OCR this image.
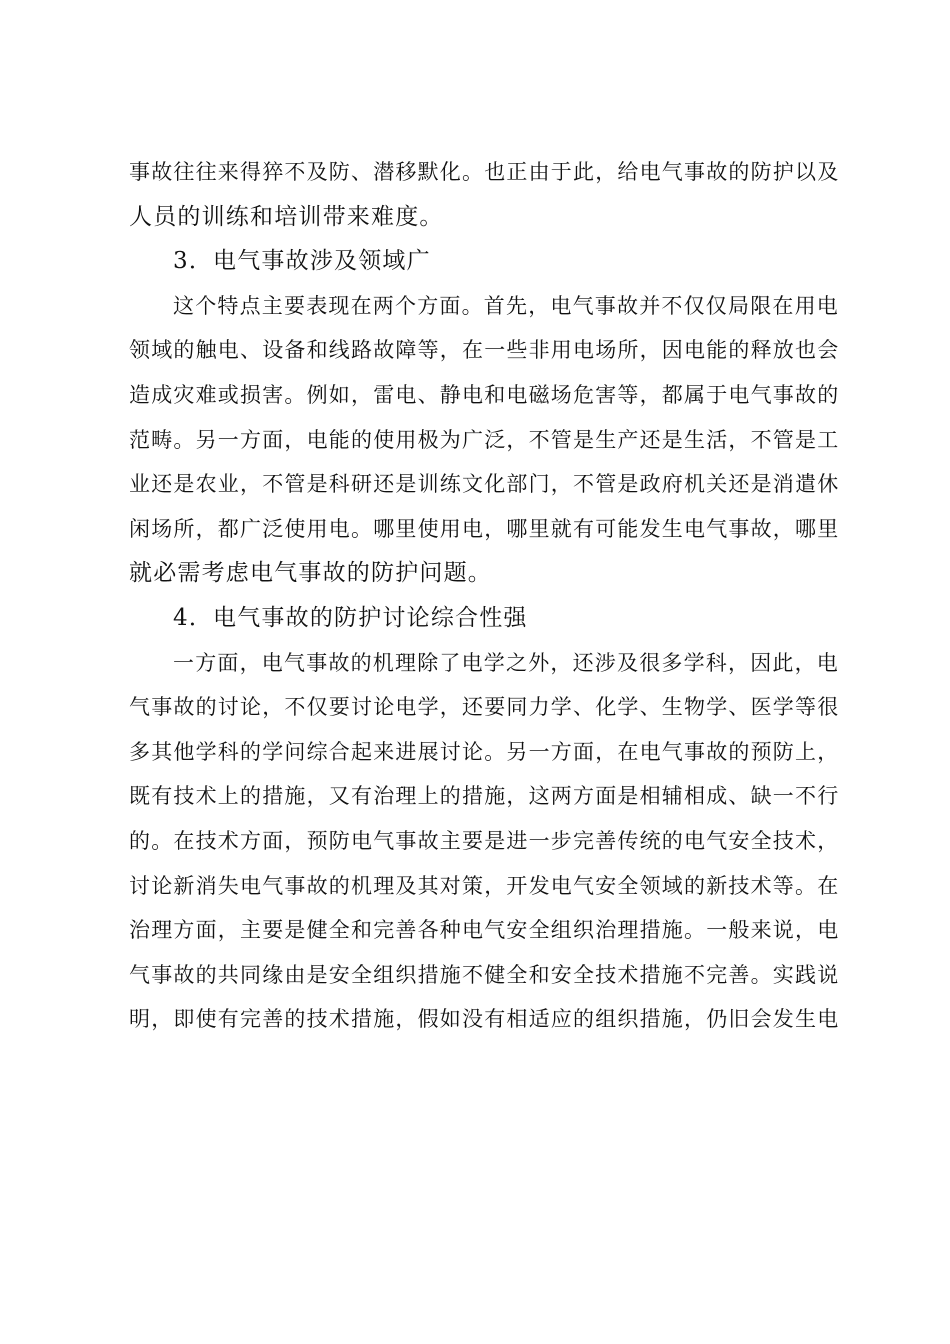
事故往往来得猝不及防、潜移默化。也正由于此，给电气事故的防护以及
人员的训练和培训带来难度。
3．电气事故涉及领域广
这个特点主要表现在两个方面。首先，电气事故并不仅仅局限在用电
领域的触电、设备和线路故障等，在一些非用电场所，因电能的释放也会
造成灾难或损害。例如，雷电、静电和电磁场危害等，都属于电气事故的
范畴。另一方面，电能的使用极为广泛，不管是生产还是生活，不管是工
业还是农业，不管是科研还是训练文化部门，不管是政府机关还是消遣休
闲场所，都广泛使用电。哪里使用电，哪里就有可能发生电气事故，哪里
就必需考虑电气事故的防护问题。
4．电气事故的防护讨论综合性强
一方面，电气事故的机理除了电学之外，还涉及很多学科，因此，电
气事故的讨论，不仅要讨论电学，还要同力学、化学、生物学、医学等很
多其他学科的学问综合起来进展讨论。另一方面，在电气事故的预防上，
既有技术上的措施，又有治理上的措施，这两方面是相辅相成、缺一不行
的。在技术方面，预防电气事故主要是进一步完善传统的电气安全技术，
讨论新消失电气事故的机理及其对策，开发电气安全领域的新技术等。在
治理方面，主要是健全和完善各种电气安全组织治理措施。一般来说，电
气事故的共同缘由是安全组织措施不健全和安全技术措施不完善。实践说
明，即使有完善的技术措施，假如没有相适应的组织措施，仍旧会发生电
